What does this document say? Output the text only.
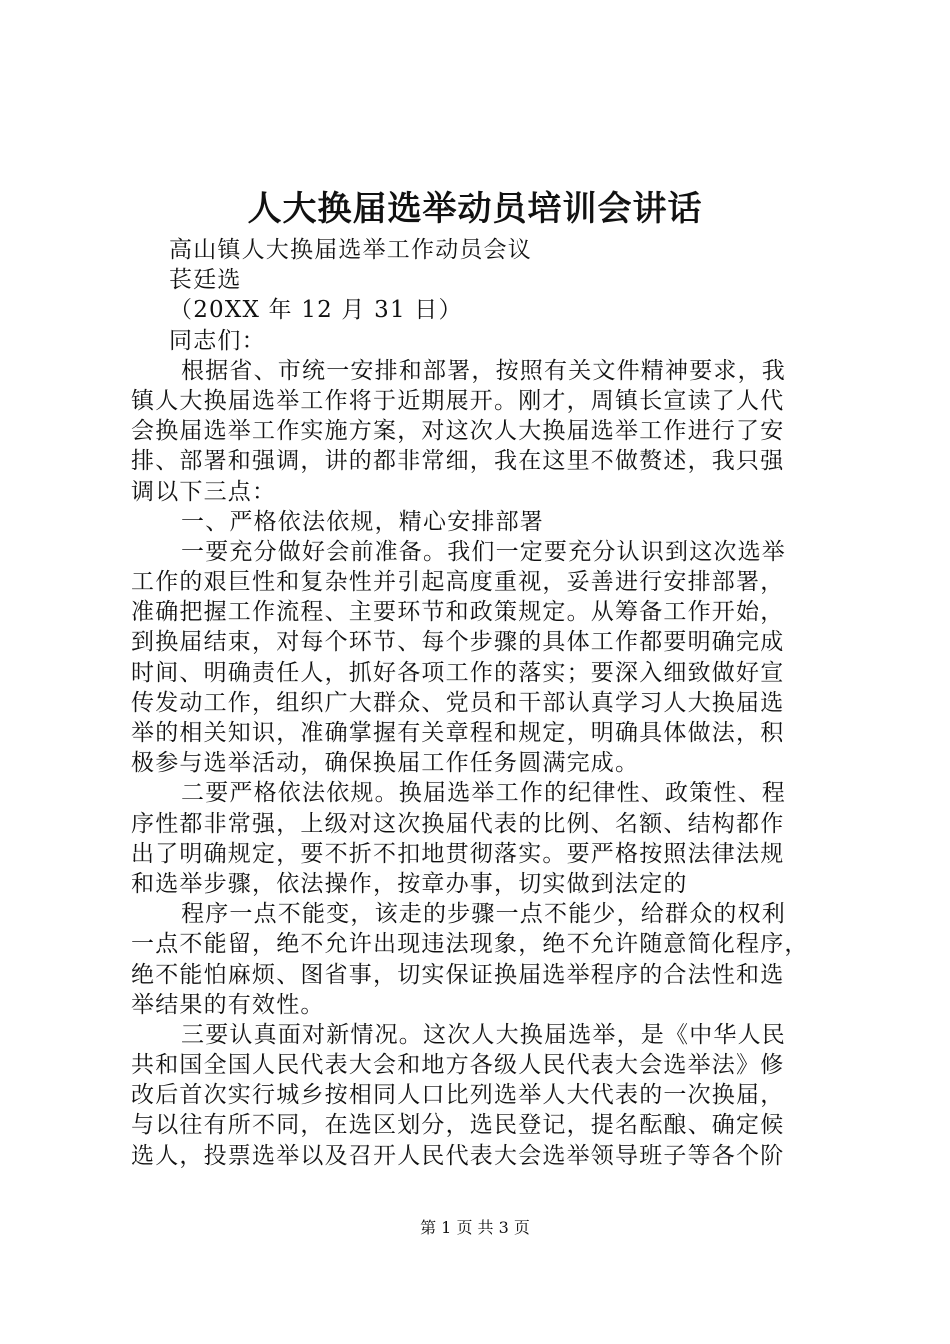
人大换届选举动员培训会讲话
高山镇人大换届选举工作动员会议
苌廷选
（20XX 年 12 月 31 日）
同志们：
根据省、市统一安排和部署，按照有关文件精神要求，我
镇人大换届选举工作将于近期展开。刚才，周镇长宣读了人代
会换届选举工作实施方案，对这次人大换届选举工作进行了安
排、部署和强调，讲的都非常细，我在这里不做赘述，我只强
调以下三点：
一、严格依法依规，精心安排部署
一要充分做好会前准备。我们一定要充分认识到这次选举
工作的艰巨性和复杂性并引起高度重视，妥善进行安排部署，
准确把握工作流程、主要环节和政策规定。从筹备工作开始，
到换届结束，对每个环节、每个步骤的具体工作都要明确完成
时间、明确责任人，抓好各项工作的落实；要深入细致做好宣
传发动工作，组织广大群众、党员和干部认真学习人大换届选
举的相关知识，准确掌握有关章程和规定，明确具体做法，积
极参与选举活动，确保换届工作任务圆满完成。
二要严格依法依规。换届选举工作的纪律性、政策性、程
序性都非常强，上级对这次换届代表的比例、名额、结构都作
出了明确规定，要不折不扣地贯彻落实。要严格按照法律法规
和选举步骤，依法操作，按章办事，切实做到法定的
程序一点不能变，该走的步骤一点不能少，给群众的权利
一点不能留，绝不允许出现违法现象，绝不允许随意简化程序，
绝不能怕麻烦、图省事，切实保证换届选举程序的合法性和选
举结果的有效性。
三要认真面对新情况。这次人大换届选举，是《中华人民
共和国全国人民代表大会和地方各级人民代表大会选举法》修
改后首次实行城乡按相同人口比列选举人大代表的一次换届，
与以往有所不同，在选区划分，选民登记，提名酝酿、确定候
选人，投票选举以及召开人民代表大会选举领导班子等各个阶
第 1 页 共 3 页
